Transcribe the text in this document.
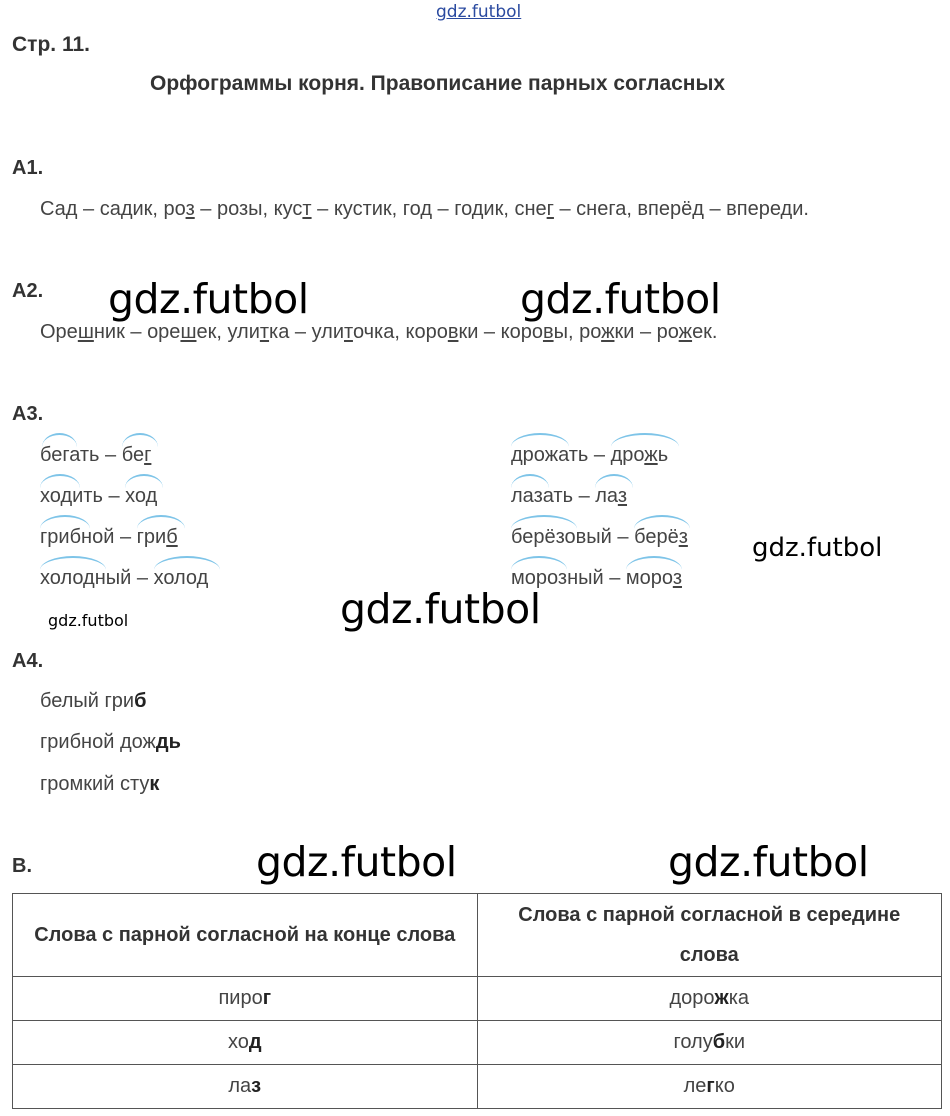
gdz.futbol
gdz.futbol	gdz.futbol
gdz.futbol
gdz.futbol
gdz.futbol
gdz.futbol	gdz.futbol
Стр. 11.
Орфограммы корня. Правописание парных согласных
А1.
Сад – садик, роз – розы, куст – кустик, год – годик, снег – снега, вперёд – впереди.
А2.
Орешник – орешек, улитка – улиточка, коровки – коровы, рожки – рожек.
А3.
бегать –
бег
ходить –
ход
грибной –
гриб
холодный –
холод
дрожать –
дрожь
лазать –
лаз
берёзовый –
берёз
морозный –
мороз
А4.
белый гриб
грибной дождь
громкий стук
В.
Слова с парной согласной на конце слова	Слова с парной согласной в середине слова
пирог	дорожка
ход	голубки
лаз	легко
